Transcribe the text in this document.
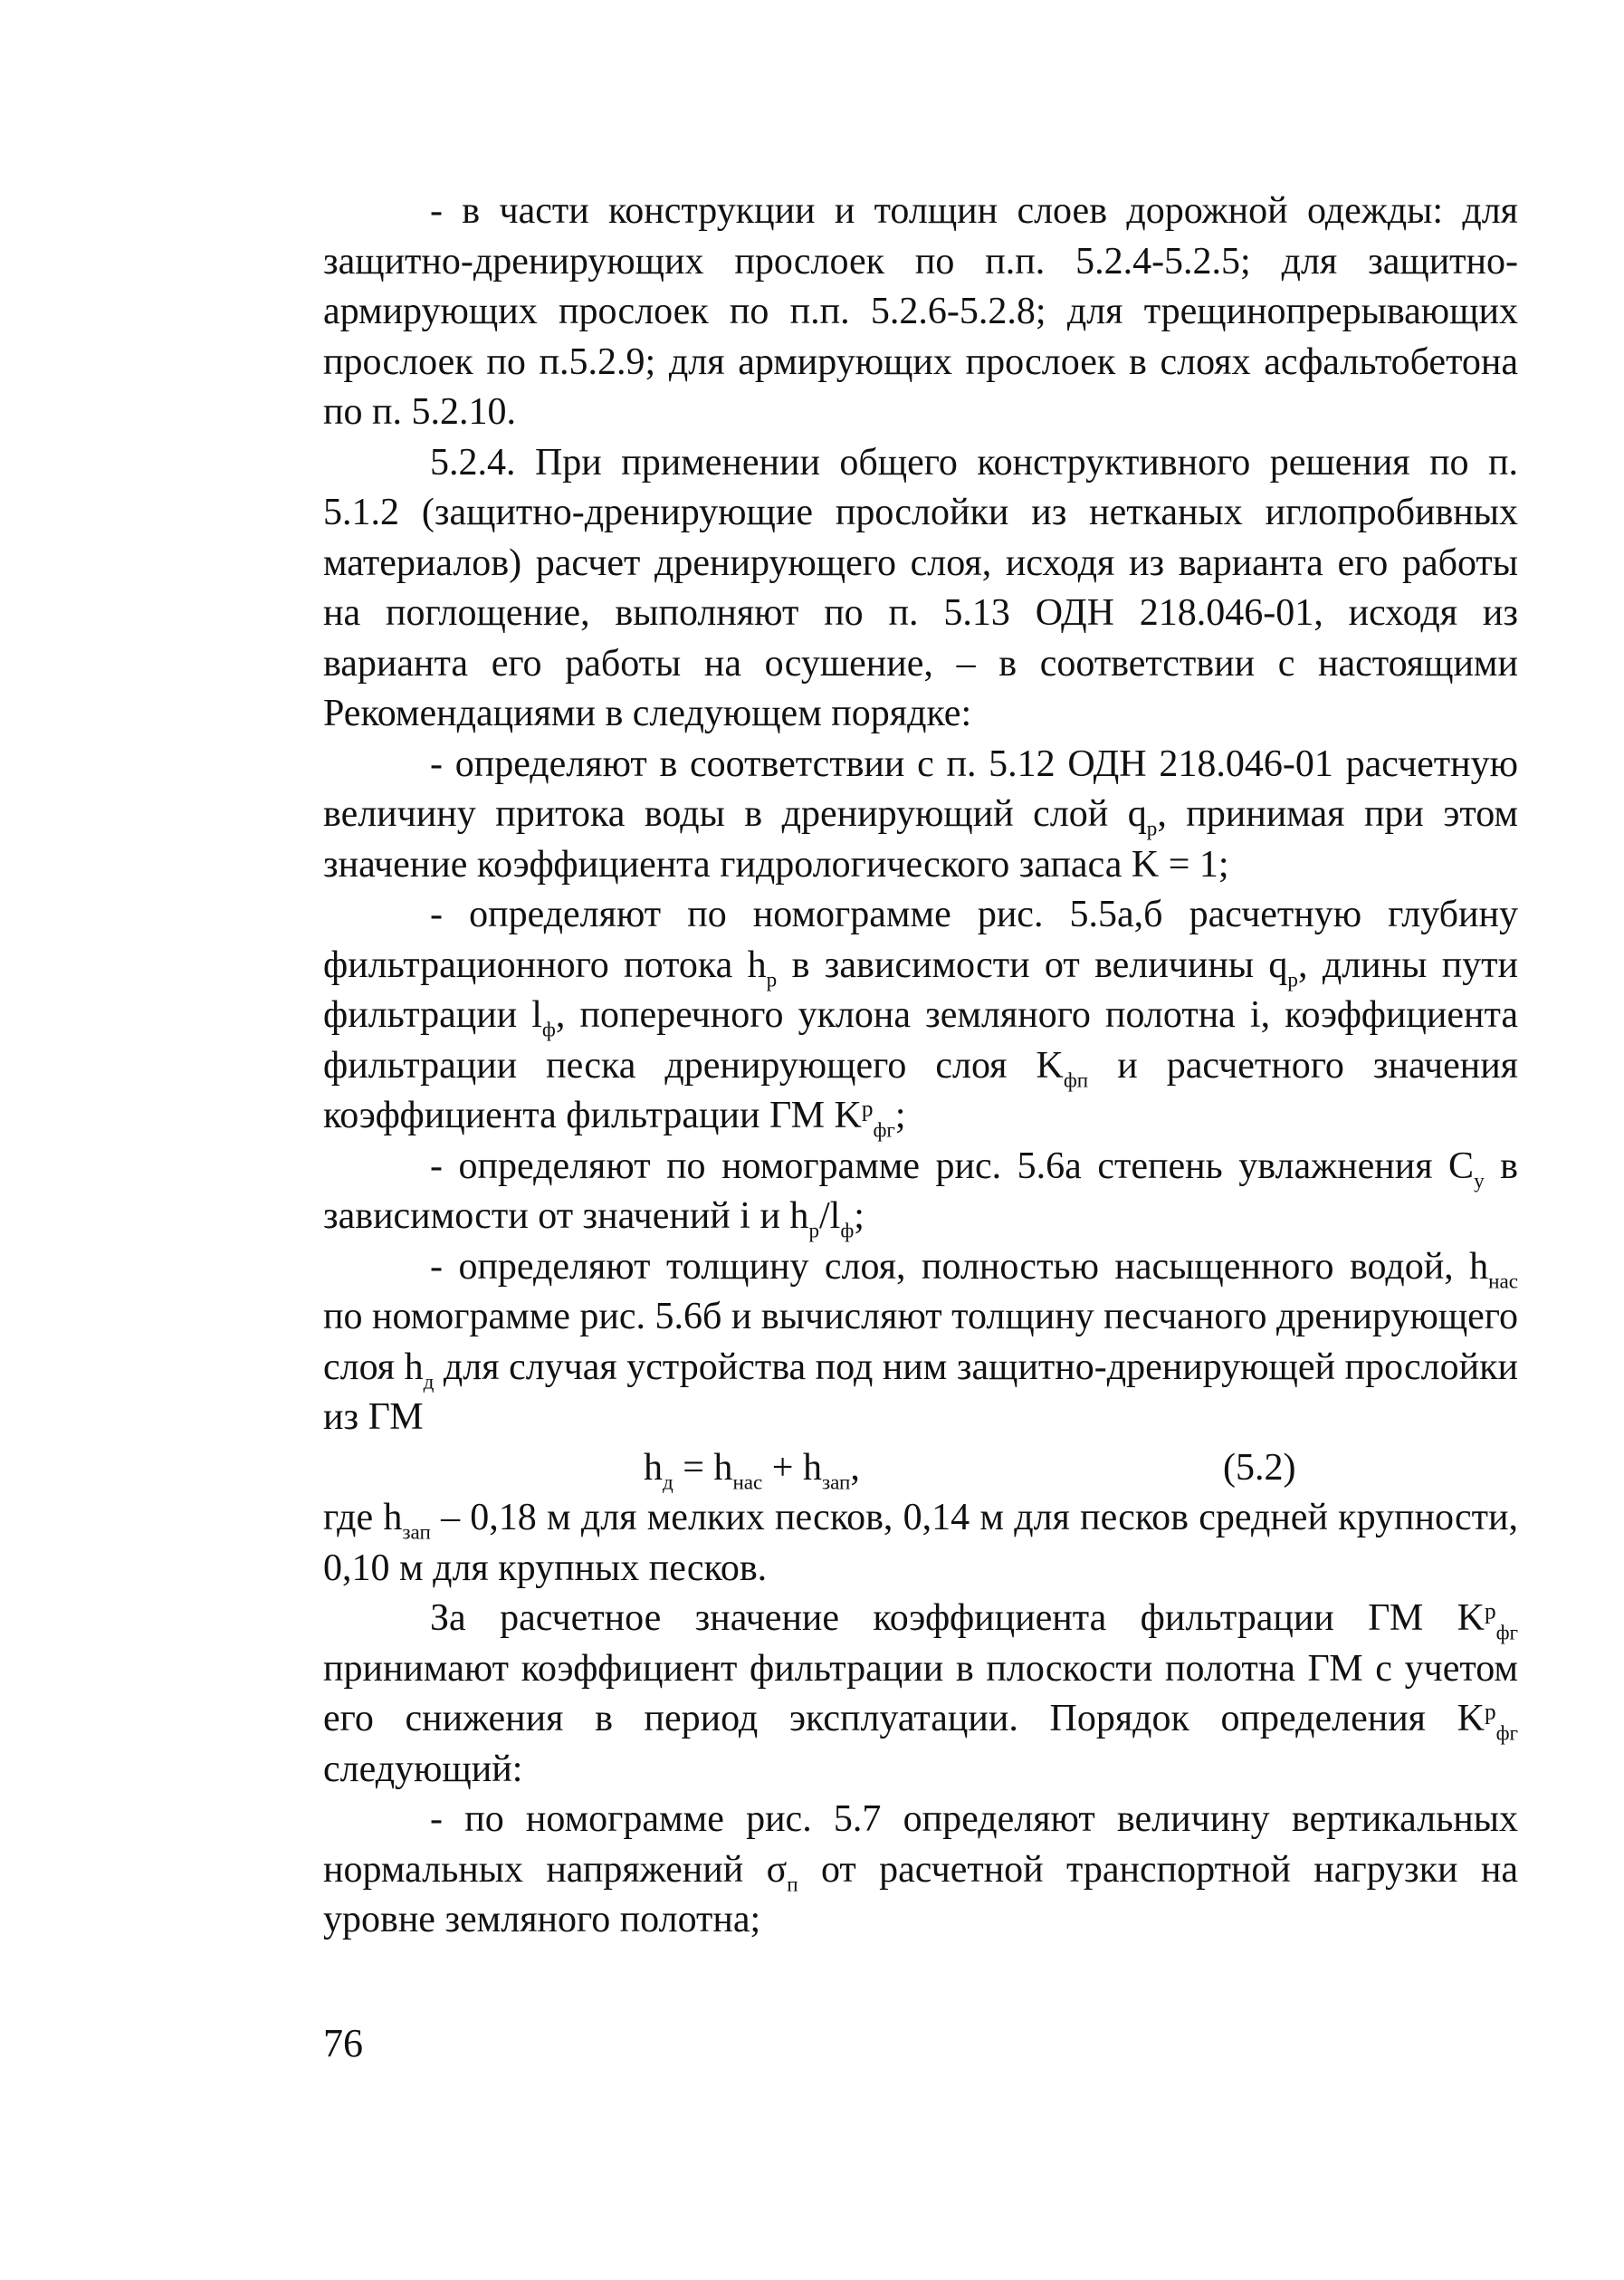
- в части конструкции и толщин слоев дорожной одежды: для защитно-дренирующих прослоек по п.п. 5.2.4-5.2.5; для защитно-армирующих прослоек по п.п. 5.2.6-5.2.8; для трещинопрерывающих прослоек по п.5.2.9; для армирующих прослоек в слоях асфальтобетона по п. 5.2.10.

5.2.4. При применении общего конструктивного решения по п. 5.1.2 (защитно-дренирующие прослойки из нетканых иглопробивных материалов) расчет дренирующего слоя, исходя из варианта его работы на поглощение, выполняют по п. 5.13 ОДН 218.046-01, исходя из варианта его работы на осушение, – в соответствии с настоящими Рекомендациями в следующем порядке:

- определяют в соответствии с п. 5.12 ОДН 218.046-01 расчетную величину притока воды в дренирующий слой $q_р$, принимая при этом значение коэффициента гидрологического запаса K = 1;

- определяют по номограмме рис. 5.5а,б расчетную глубину фильтрационного потока $h_р$ в зависимости от величины $q_р$, длины пути фильтрации $l_ф$, поперечного уклона земляного полотна i, коэффициента фильтрации песка дренирующего слоя $K_{фп}$ и расчетного значения коэффициента фильтрации ГМ $K^р_{фг}$;

- определяют по номограмме рис. 5.6а степень увлажнения $C_у$ в зависимости от значений i и $h_р/l_ф$;

- определяют толщину слоя, полностью насыщенного водой, $h_{нас}$ по номограмме рис. 5.6б и вычисляют толщину песчаного дренирующего слоя $h_д$ для случая устройства под ним защитно-дренирующей прослойки из ГМ

$h_д = h_{нас} + h_{зап}$,	(5.2)

где $h_{зап} - 0,18$ м для мелких песков, 0,14 м для песков средней крупности, 0,10 м для крупных песков.

За расчетное значение коэффициента фильтрации ГМ $K^р_{фг}$ принимают коэффициент фильтрации в плоскости полотна ГМ с учетом его снижения в период эксплуатации. Порядок определения $K^р_{фг}$ следующий:

- по номограмме рис. 5.7 определяют величину вертикальных нормальных напряжений $\sigma_п$ от расчетной транспортной нагрузки на уровне земляного полотна;

76
